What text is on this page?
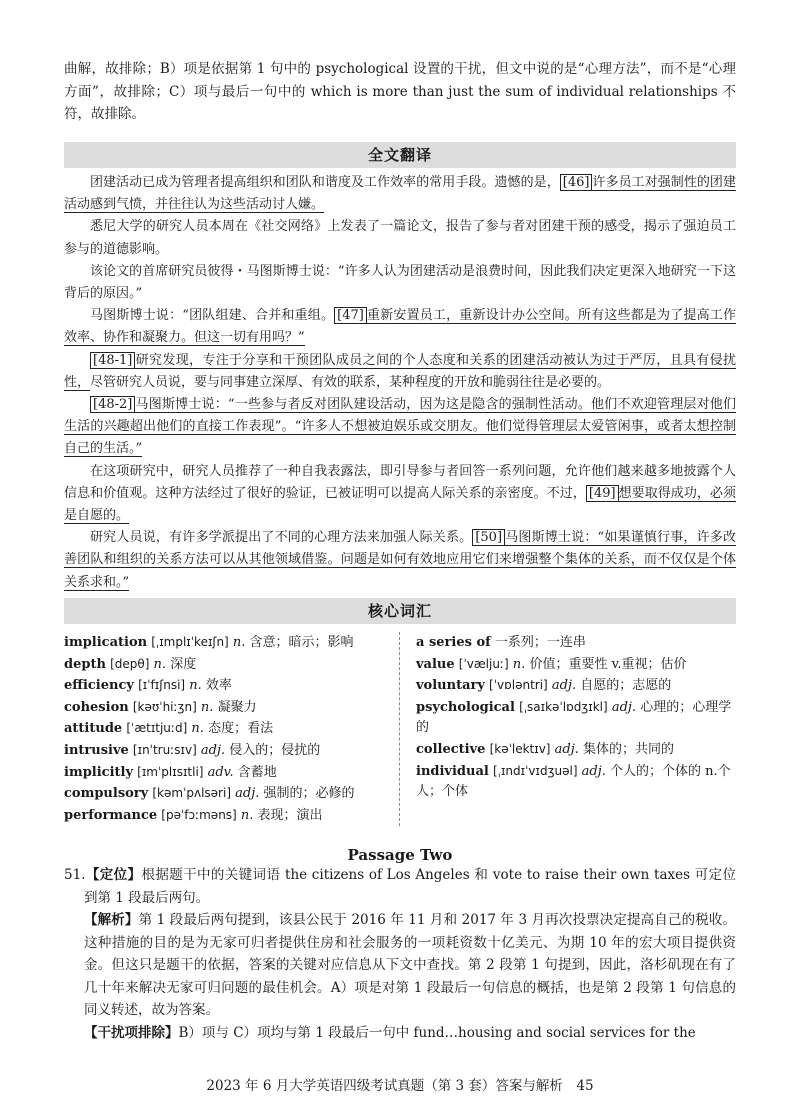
曲解，故排除；B）项是依据第 1 句中的 psychological 设置的干扰，但文中说的是“心理方法”，而不是“心理方面”，故排除；C）项与最后一句中的 which is more than just the sum of individual relationships 不符，故排除。

全文翻译

团建活动已成为管理者提高组织和团队和谐度及工作效率的常用手段。遗憾的是， [46] 许多员工对强制性的团建活动感到气愤，并往往认为这些活动讨人嫌。

悉尼大学的研究人员本周在《社交网络》上发表了一篇论文，报告了参与者对团建干预的感受，揭示了强迫员工参与的道德影响。

该论文的首席研究员彼得・马图斯博士说：“许多人认为团建活动是浪费时间，因此我们决定更深入地研究一下这背后的原因。”

马图斯博士说：“团队组建、合并和重组。 [47] 重新安置员工，重新设计办公空间。所有这些都是为了提高工作效率、协作和凝聚力。但这一切有用吗？”

[48-1] 研究发现，专注于分享和干预团队成员之间的个人态度和关系的团建活动被认为过于严厉，且具有侵扰性，尽管研究人员说，要与同事建立深厚、有效的联系，某种程度的开放和脆弱往往是必要的。

[48-2] 马图斯博士说：“一些参与者反对团队建设活动，因为这是隐含的强制性活动。他们不欢迎管理层对他们生活的兴趣超出他们的直接工作表现”。“许多人不想被迫娱乐或交朋友。他们觉得管理层太爱管闲事，或者太想控制自己的生活。”

在这项研究中，研究人员推荐了一种自我表露法，即引导参与者回答一系列问题，允许他们越来越多地披露个人信息和价值观。这种方法经过了很好的验证，已被证明可以提高人际关系的亲密度。不过， [49] 想要取得成功，必须是自愿的。

研究人员说，有许多学派提出了不同的心理方法来加强人际关系。 [50] 马图斯博士说：“如果谨慎行事，许多改善团队和组织的关系方法可以从其他领域借鉴。问题是如何有效地应用它们来增强整个集体的关系，而不仅仅是个体关系求和。”

核心词汇
implication [ˌɪmplɪˈkeɪʃn] n. 含意；暗示；影响
depth [depθ] n. 深度
efficiency [ɪˈfɪʃnsi] n. 效率
cohesion [kəʊˈhiːʒn] n. 凝聚力
attitude [ˈætɪtjuːd] n. 态度；看法
intrusive [ɪnˈtruːsɪv] adj. 侵入的；侵扰的
implicitly [ɪmˈplɪsɪtli] adv. 含蓄地
compulsory [kəmˈpʌlsəri] adj. 强制的；必修的
performance [pəˈfɔːməns] n. 表现；演出
a series of 一系列；一连串
value [ˈvæljuː] n. 价值；重要性 v.重视；估价
voluntary [ˈvɒləntri] adj. 自愿的；志愿的
psychological [ˌsaɪkəˈlɒdʒɪkl] adj. 心理的；心理学的
collective [kəˈlektɪv] adj. 集体的；共同的
individual [ˌɪndɪˈvɪdʒuəl] adj. 个人的；个体的 n.个人；个体

Passage Two

51.【定位】根据题干中的关键词语 the citizens of Los Angeles 和 vote to raise their own taxes 可定位到第 1 段最后两句。

【解析】第 1 段最后两句提到，该县公民于 2016 年 11 月和 2017 年 3 月再次投票决定提高自己的税收。这种措施的目的是为无家可归者提供住房和社会服务的一项耗资数十亿美元、为期 10 年的宏大项目提供资金。但这只是题干的依据，答案的关键对应信息从下文中查找。第 2 段第 1 句提到，因此，洛杉矶现在有了几十年来解决无家可归问题的最佳机会。A）项是对第 1 段最后一句信息的概括，也是第 2 段第 1 句信息的同义转述，故为答案。

【干扰项排除】B）项与 C）项均与第 1 段最后一句中 fund…housing and social services for the

2023 年 6 月大学英语四级考试真题（第 3 套）答案与解析　45
